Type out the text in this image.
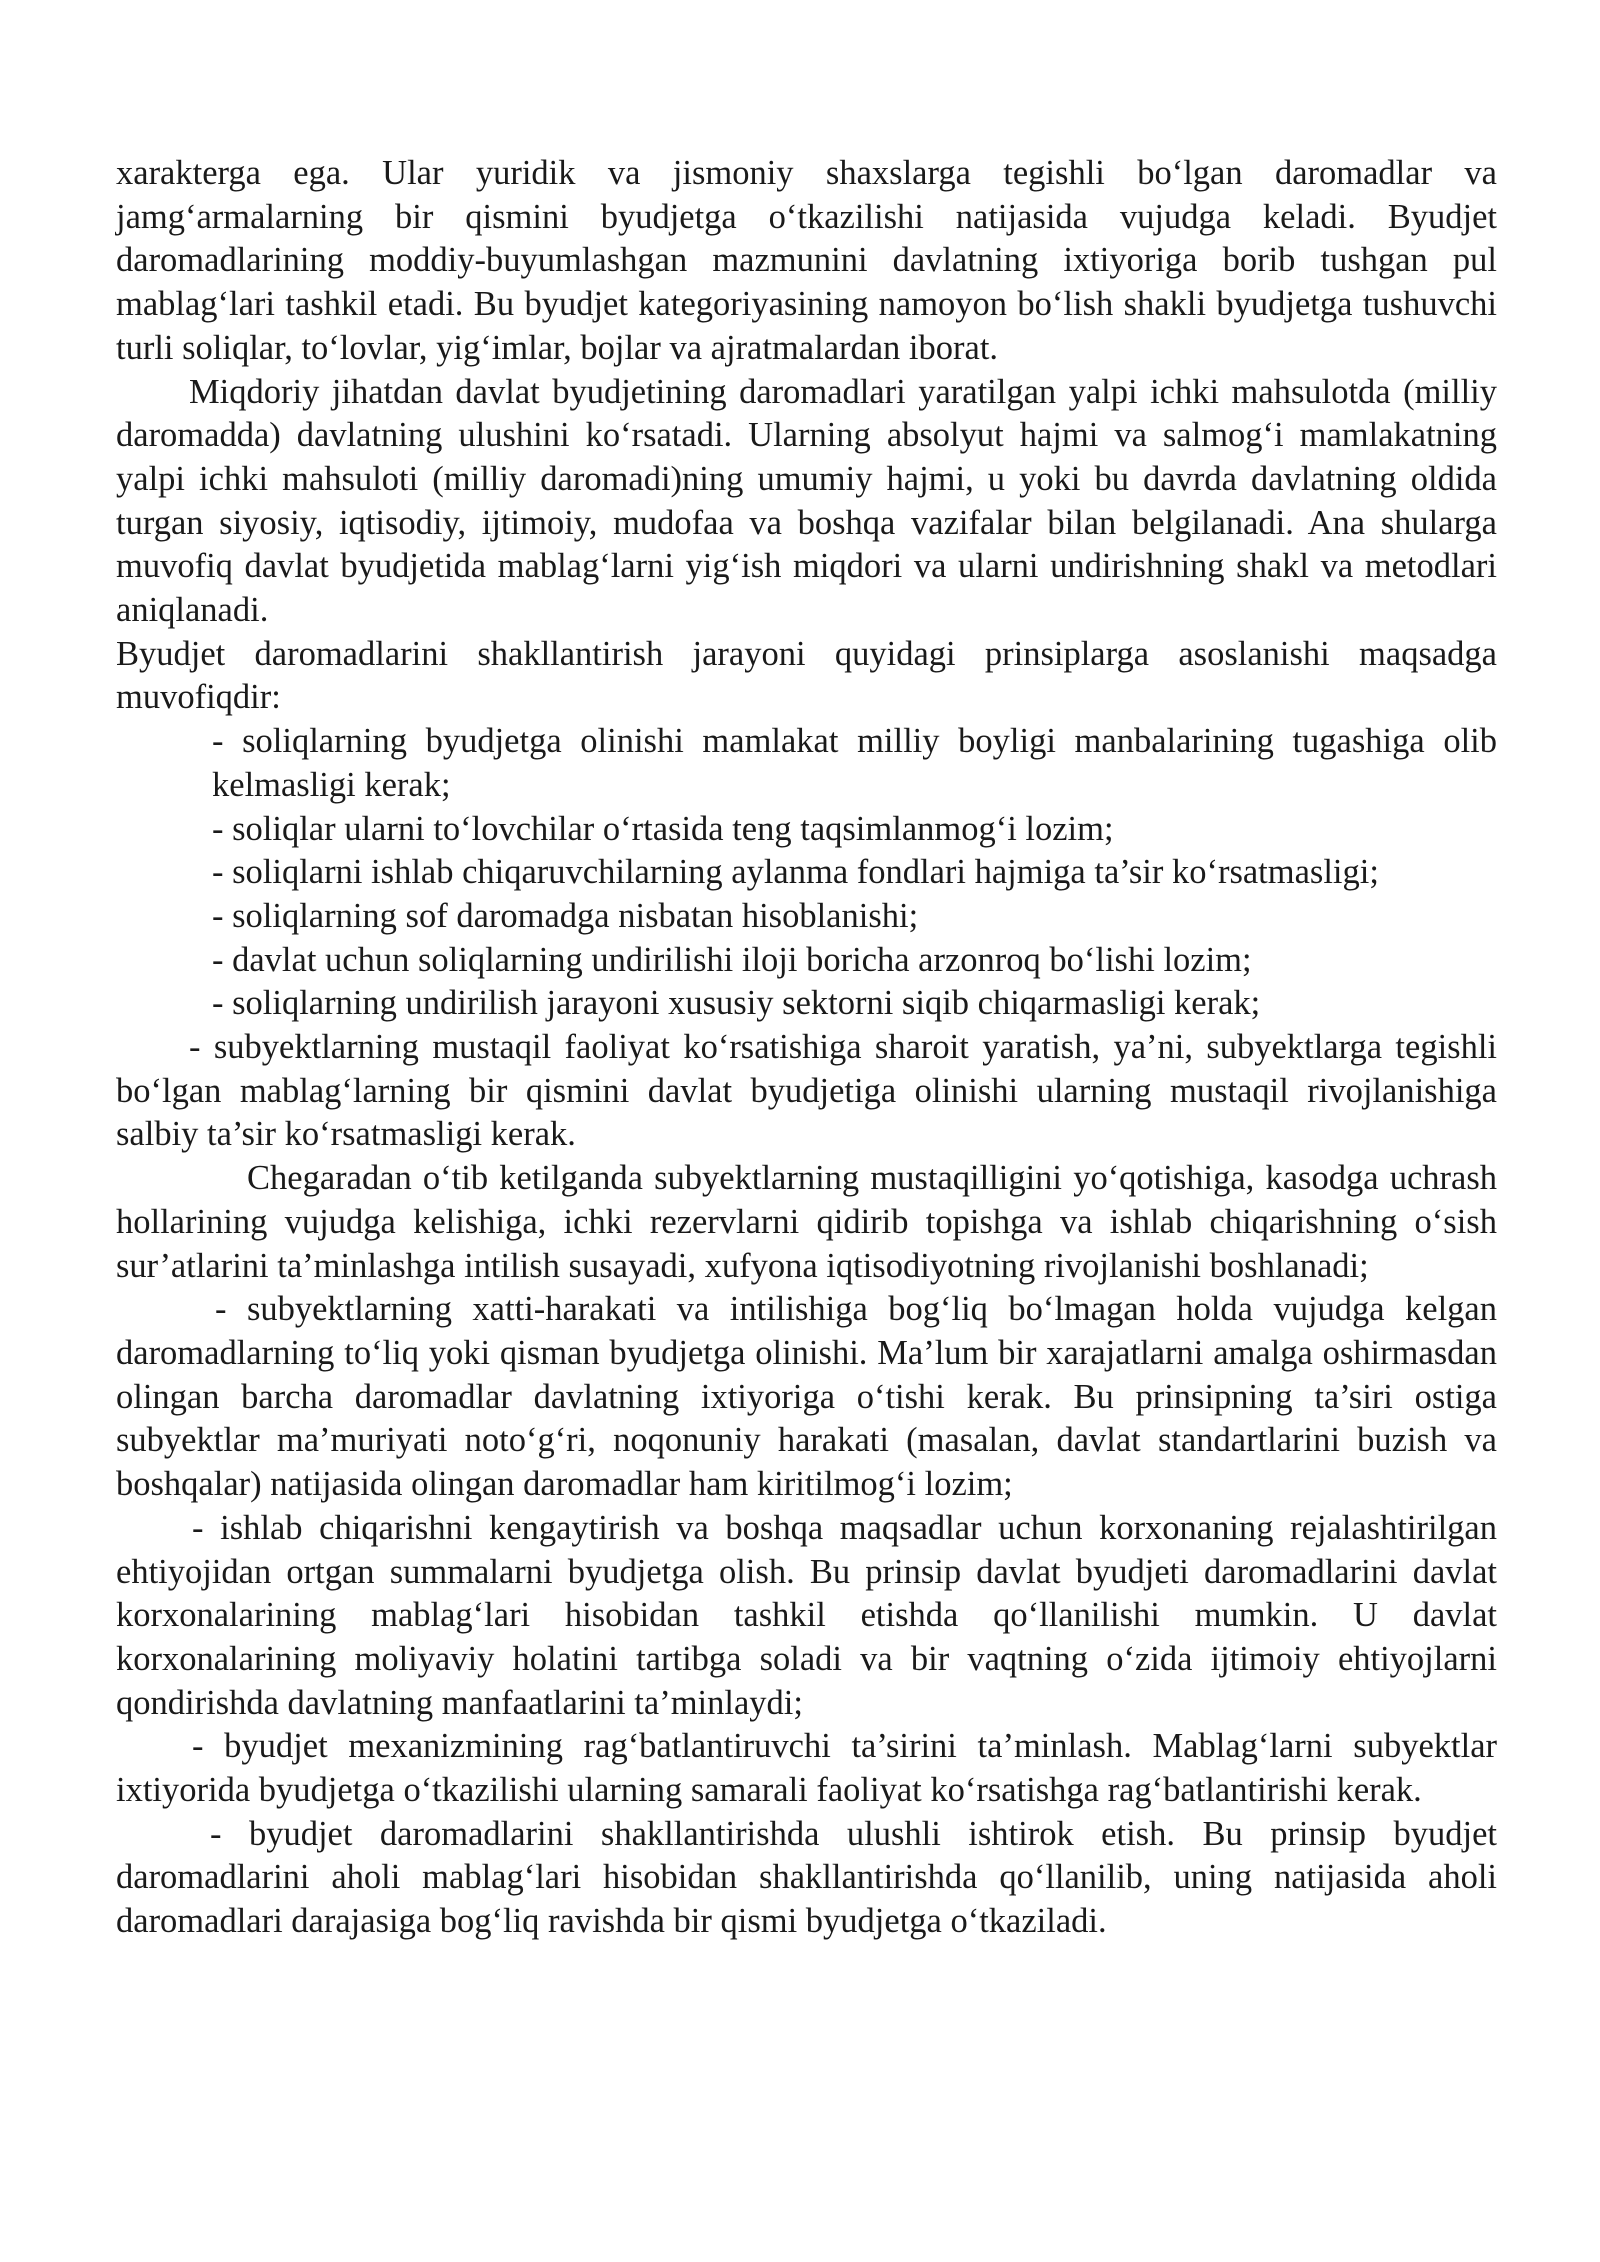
xarakterga ega. Ular yuridik va jismoniy shaxslarga tegishli bo‘lgan daromadlar va jamg‘armalarning bir qismini byudjetga o‘tkazilishi natijasida vujudga keladi. Byudjet daromadlarining moddiy-buyumlashgan mazmunini davlatning ixtiyoriga borib tushgan pul mablag‘lari tashkil etadi. Bu byudjet kategoriyasining namoyon bo‘lish shakli byudjetga tushuvchi turli soliqlar, to‘lovlar, yig‘imlar, bojlar va ajratmalardan iborat.

Miqdoriy jihatdan davlat byudjetining daromadlari yaratilgan yalpi ichki mahsulotda (milliy daromadda) davlatning ulushini ko‘rsatadi. Ularning absolyut hajmi va salmog‘i mamlakatning yalpi ichki mahsuloti (milliy daromadi)ning umumiy hajmi, u yoki bu davrda davlatning oldida turgan siyosiy, iqtisodiy, ijtimoiy, mudofaa va boshqa vazifalar bilan belgilanadi. Ana shularga muvofiq davlat byudjetida mablag‘larni yig‘ish miqdori va ularni undirishning shakl va metodlari aniqlanadi.

Byudjet daromadlarini shakllantirish jarayoni quyidagi prinsiplarga asoslanishi maqsadga muvofiqdir:

- soliqlarning byudjetga olinishi mamlakat milliy boyligi manbalarining tugashiga olib kelmasligi kerak;
- soliqlar ularni to‘lovchilar o‘rtasida teng taqsimlanmog‘i lozim;
- soliqlarni ishlab chiqaruvchilarning aylanma fondlari hajmiga ta’sir ko‘rsatmasligi;
- soliqlarning sof daromadga nisbatan hisoblanishi;
- davlat uchun soliqlarning undirilishi iloji boricha arzonroq bo‘lishi lozim;
- soliqlarning undirilish jarayoni xususiy sektorni siqib chiqarmasligi kerak;

- subyektlarning mustaqil faoliyat ko‘rsatishiga sharoit yaratish, ya’ni, subyektlarga tegishli bo‘lgan mablag‘larning bir qismini davlat byudjetiga olinishi ularning mustaqil rivojlanishiga salbiy ta’sir ko‘rsatmasligi kerak.

Chegaradan o‘tib ketilganda subyektlarning mustaqilligini yo‘qotishiga, kasodga uchrash hollarining vujudga kelishiga, ichki rezervlarni qidirib topishga va ishlab chiqarishning o‘sish sur’atlarini ta’minlashga intilish susayadi, xufyona iqtisodiyotning rivojlanishi boshlanadi;

- subyektlarning xatti-harakati va intilishiga bog‘liq bo‘lmagan holda vujudga kelgan daromadlarning to‘liq yoki qisman byudjetga olinishi. Ma’lum bir xarajatlarni amalga oshirmasdan olingan barcha daromadlar davlatning ixtiyoriga o‘tishi kerak. Bu prinsipning ta’siri ostiga subyektlar ma’muriyati noto‘g‘ri, noqonuniy harakati (masalan, davlat standartlarini buzish va boshqalar) natijasida olingan daromadlar ham kiritilmog‘i lozim;

- ishlab chiqarishni kengaytirish va boshqa maqsadlar uchun korxonaning rejalashtirilgan ehtiyojidan ortgan summalarni byudjetga olish. Bu prinsip davlat byudjeti daromadlarini davlat korxonalarining mablag‘lari hisobidan tashkil etishda qo‘llanilishi mumkin. U davlat korxonalarining moliyaviy holatini tartibga soladi va bir vaqtning o‘zida ijtimoiy ehtiyojlarni qondirishda davlatning manfaatlarini ta’minlaydi;

- byudjet mexanizmining rag‘batlantiruvchi ta’sirini ta’minlash. Mablag‘larni subyektlar ixtiyorida byudjetga o‘tkazilishi ularning samarali faoliyat ko‘rsatishga rag‘batlantirishi kerak.

- byudjet daromadlarini shakllantirishda ulushli ishtirok etish. Bu prinsip byudjet daromadlarini aholi mablag‘lari hisobidan shakllantirishda qo‘llanilib, uning natijasida aholi daromadlari darajasiga bog‘liq ravishda bir qismi byudjetga o‘tkaziladi.
